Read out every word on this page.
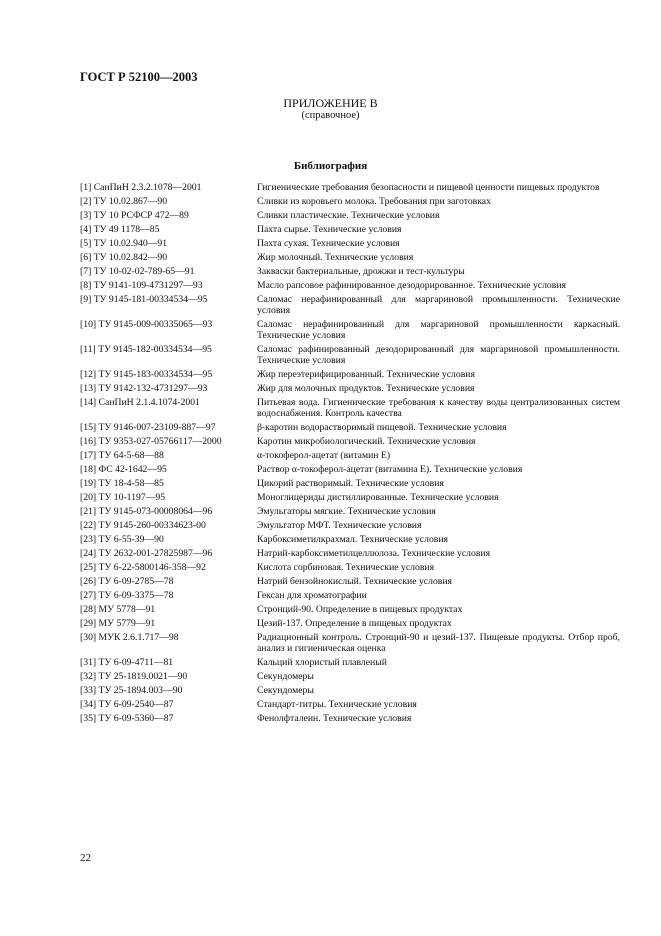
ГОСТ Р 52100—2003
ПРИЛОЖЕНИЕ В
(справочное)
Библиография
[1] СанПиН 2.3.2.1078—2001	Гигиенические требования безопасности и пищевой ценности пищевых продуктов
[2] ТУ 10.02.867—90	Сливки из коровьего молока. Требования при заготовках
[3] ТУ 10 РСФСР 472—89	Сливки пластические. Технические условия
[4] ТУ 49 1178—85	Пахта сырье. Технические условия
[5] ТУ 10.02.940—91	Пахта сухая. Технические условия
[6] ТУ 10.02.842—90	Жир молочный. Технические условия
[7] ТУ 10-02-02-789-65—91	Закваски бактериальные, дрожжи и тест-культуры
[8] ТУ 9141-109-4731297—93	Масло рапсовое рафинированное дезодорированное. Технические условия
[9] ТУ 9145-181-00334534—95	Саломас нерафинированный для маргариновой промышленности. Технические условия
[10] ТУ 9145-009-00335065—93	Саломас нерафинированный для маргариновой промышленности каркасный. Технические условия
[11] ТУ 9145-182-00334534—95	Саломас рафинированный дезодорированный для маргариновой промышленности. Технические условия
[12] ТУ 9145-183-00334534—95	Жир переэтерифицированный. Технические условия
[13] ТУ 9142-132-4731297—93	Жир для молочных продуктов. Технические условия
[14] СанПиН 2.1.4.1074-2001	Питьевая вода. Гигиенические требования к качеству воды централизованных систем водоснабжения. Контроль качества
[15] ТУ 9146-007-23109-887—97	β-каротин водорастворимый пищевой. Технические условия
[16] ТУ 9353-027-05766117—2000	Каротин микробиологический. Технические условия
[17] ТУ 64-5-68—88	α-токоферол-ацетат (витамин Е)
[18] ФС 42-1642—95	Раствор α-токоферол-ацетат (витамина Е). Технические условия
[19] ТУ 18-4-58—85	Цикорий растворимый. Технические условия
[20] ТУ 10-1197—95	Моноглицериды дистиллированные. Технические условия
[21] ТУ 9145-073-00008064—96	Эмульгаторы мягкие. Технические условия
[22] ТУ 9145-260-00334623-00	Эмульгатор МФТ. Технические условия
[23] ТУ 6-55-39—90	Карбоксиметилкрахмал. Технические условия
[24] ТУ 2632-001-27825987—96	Натрий-карбоксиметилцеллюлоза. Технические условия
[25] ТУ 6-22-5800146-358—92	Кислота сорбиновая. Технические условия
[26] ТУ 6-09-2785—78	Натрий бензойнокислый. Технические условия
[27] ТУ 6-09-3375—78	Гексан для хроматографии
[28] МУ 5778—91	Стронций-90. Определение в пищевых продуктах
[29] МУ 5779—91	Цезий-137. Определение в пищевых продуктах
[30] МУК 2.6.1.717—98	Радиационный контроль. Стронций-90 и цезий-137. Пищевые продукты. Отбор проб, анализ и гигиеническая оценка
[31] ТУ 6-09-4711—81	Кальций хлористый плавленый
[32] ТУ 25-1819.0021—90	Секундомеры
[33] ТУ 25-1894.003—90	Секундомеры
[34] ТУ 6-09-2540—87	Стандарт-титры. Технические условия
[35] ТУ 6-09-5360—87	Фенолфталеин. Технические условия
22
